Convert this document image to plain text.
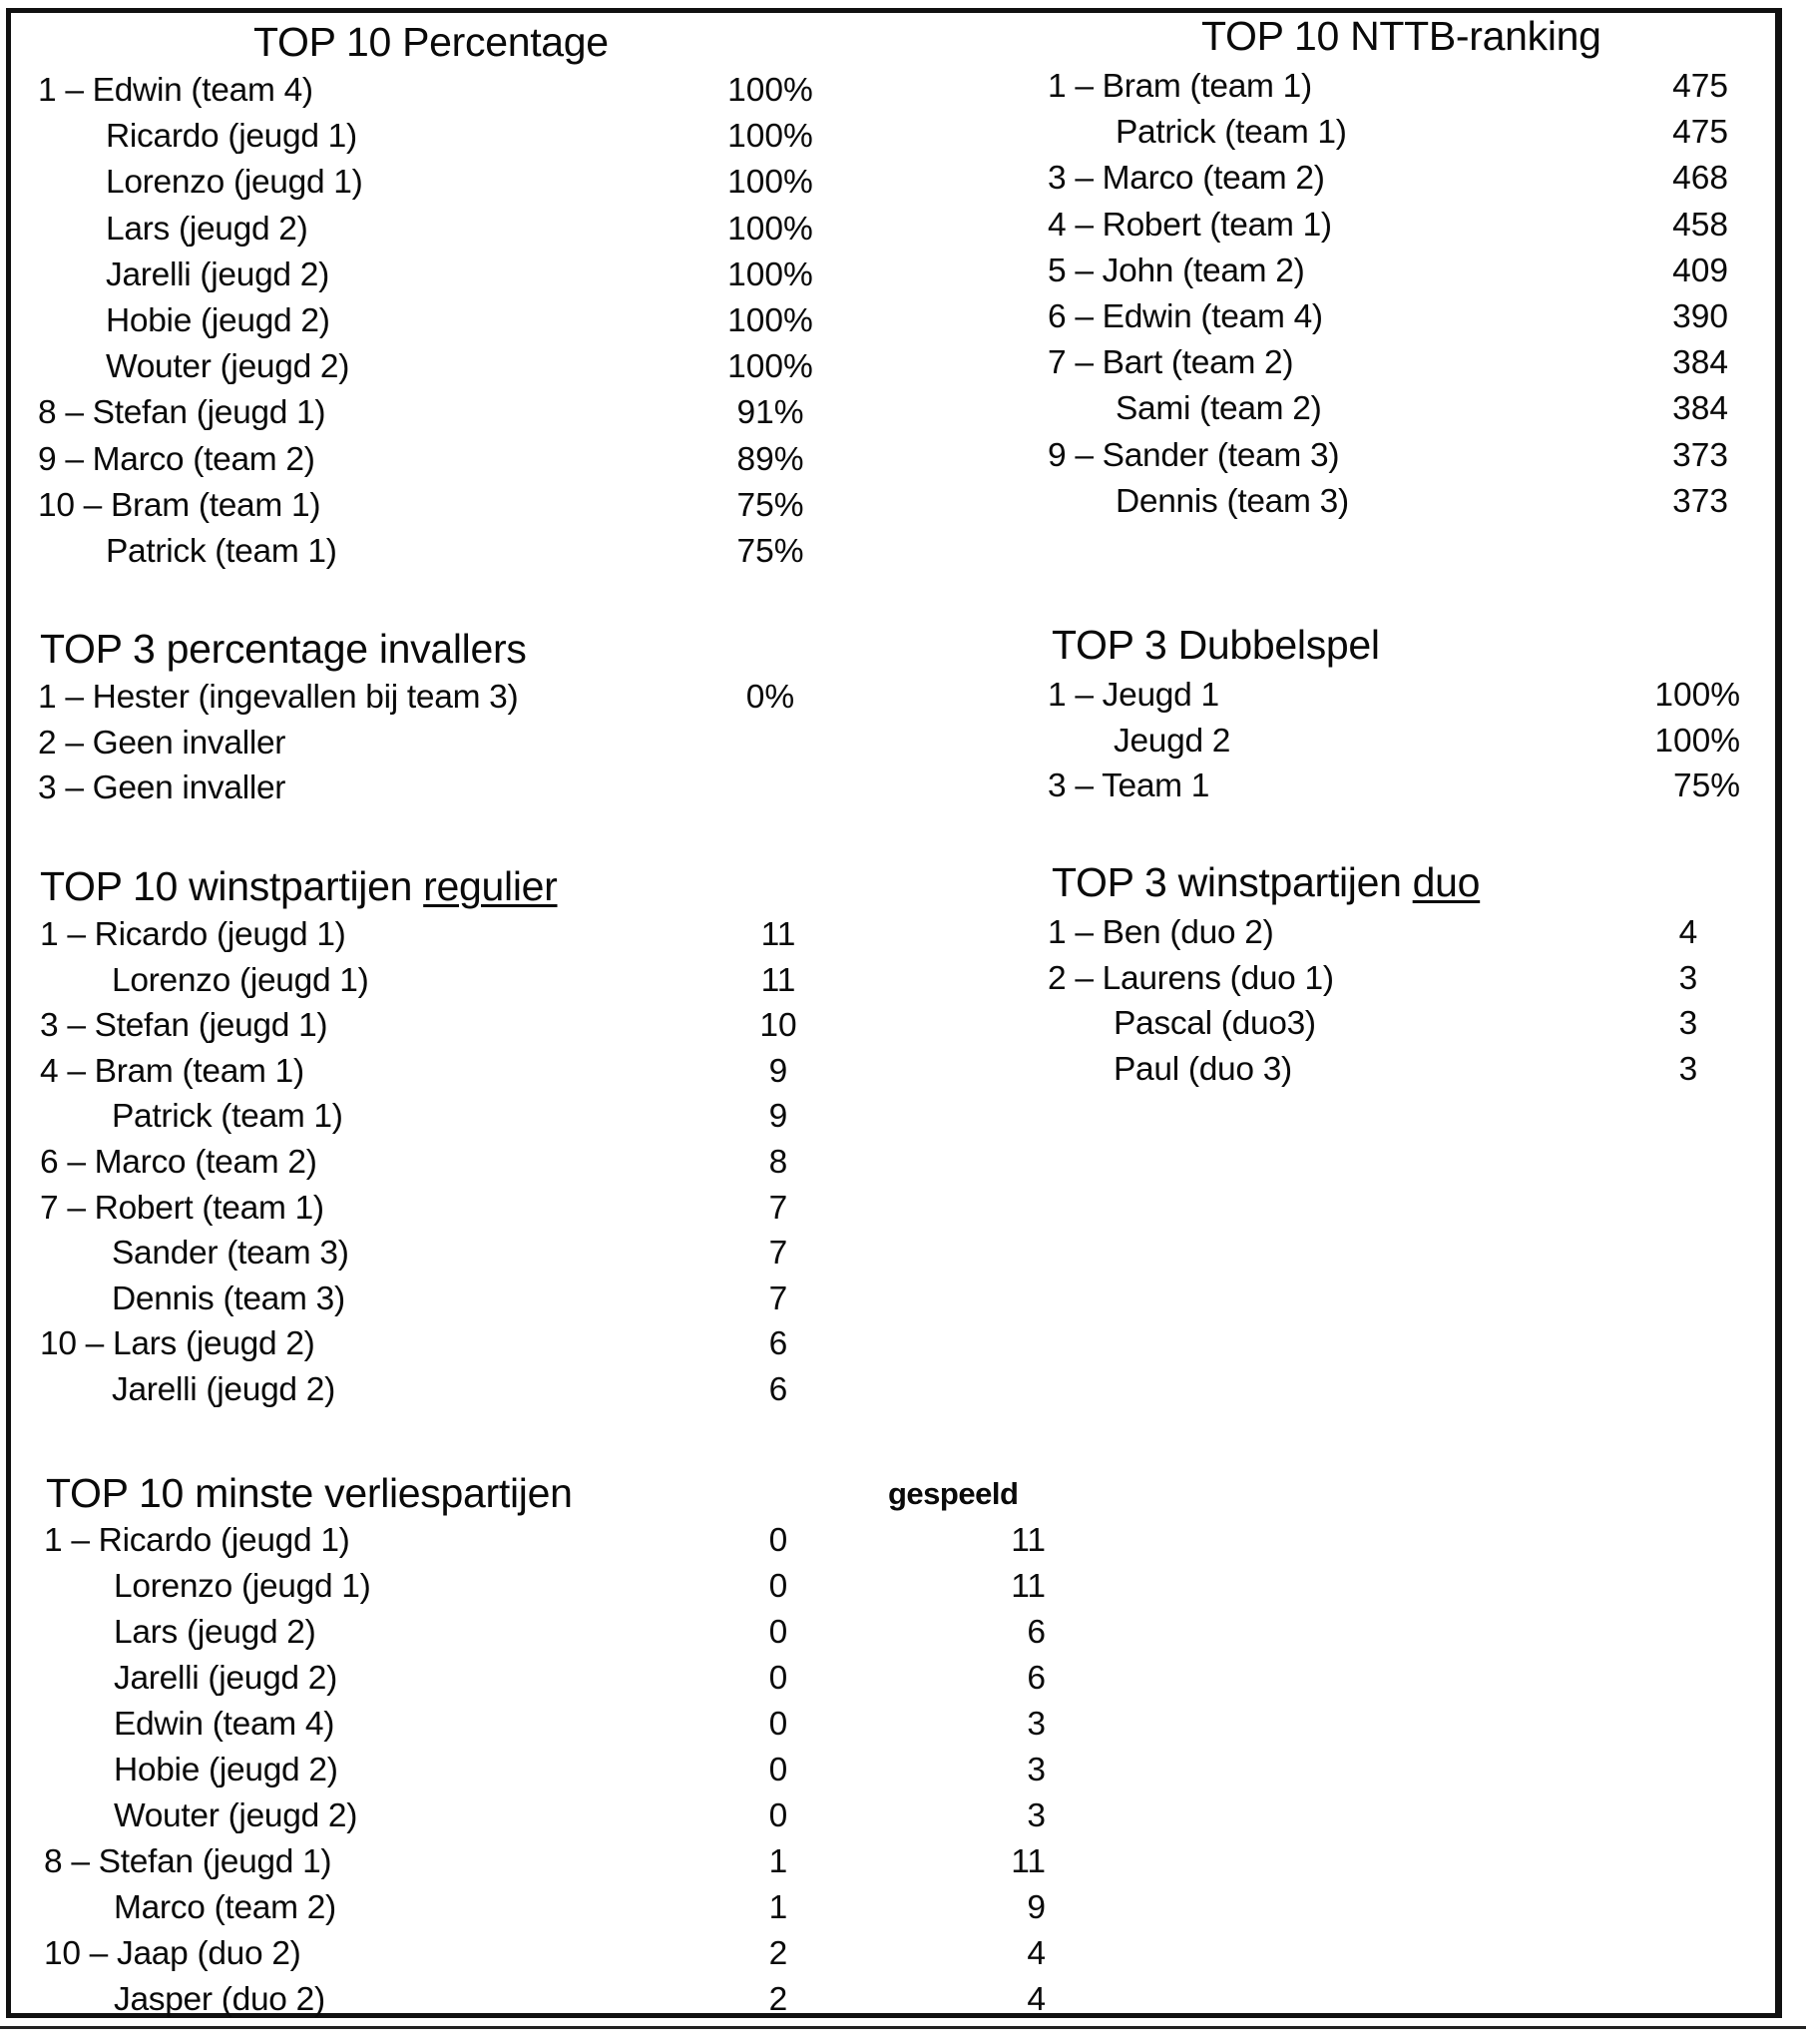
TOP 10 Percentage	TOP 10 NTTB-ranking
TOP 3 percentage invallers	TOP 3 Dubbelspel
TOP 10 winstpartijen regulier	TOP 3 winstpartijen duo
TOP 10 minste verliespartijen	gespeeld
1 – Edwin (team 4)	100%
Ricardo (jeugd 1)	100%
Lorenzo (jeugd 1)	100%
Lars (jeugd 2)	100%
Jarelli (jeugd 2)	100%
Hobie (jeugd 2)	100%
Wouter (jeugd 2)	100%
8 – Stefan (jeugd 1)	91%
9 – Marco (team 2)	89%
10 – Bram (team 1)	75%
Patrick (team 1)	75%
1 – Bram (team 1)	475
Patrick (team 1)	475
3 – Marco (team 2)	468
4 – Robert (team 1)	458
5 – John (team 2)	409
6 – Edwin (team 4)	390
7 – Bart (team 2)	384
Sami (team 2)	384
9 – Sander (team 3)	373
Dennis (team 3)	373
1 – Hester (ingevallen bij team 3)	0%
2 – Geen invaller
3 – Geen invaller
1 – Jeugd 1	100%
Jeugd 2	100%
3 – Team 1	75%
1 – Ricardo (jeugd 1)	11
Lorenzo (jeugd 1)	11
3 – Stefan (jeugd 1)	10
4 – Bram (team 1)	9
Patrick (team 1)	9
6 – Marco (team 2)	8
7 – Robert (team 1)	7
Sander (team 3)	7
Dennis (team 3)	7
10 – Lars (jeugd 2)	6
Jarelli (jeugd 2)	6
1 – Ben (duo 2)	4
2 – Laurens (duo 1)	3
Pascal (duo3)	3
Paul (duo 3)	3
1 – Ricardo (jeugd 1)	0	11
Lorenzo (jeugd 1)	0	11
Lars (jeugd 2)	0	6
Jarelli (jeugd 2)	0	6
Edwin (team 4)	0	3
Hobie (jeugd 2)	0	3
Wouter (jeugd 2)	0	3
8 – Stefan (jeugd 1)	1	11
Marco (team 2)	1	9
10 – Jaap (duo 2)	2	4
Jasper (duo 2)	2	4
